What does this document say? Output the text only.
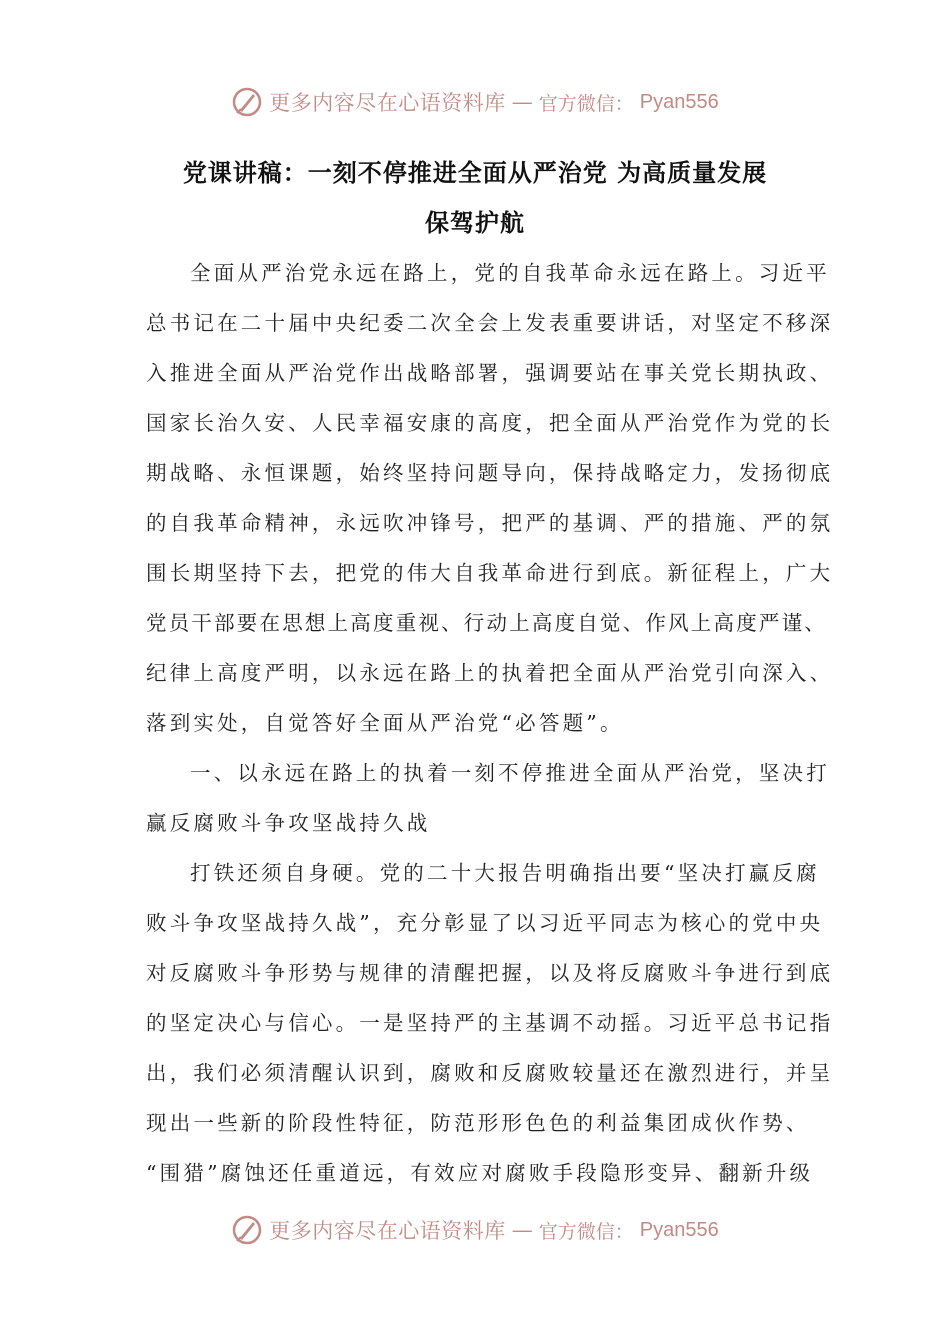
更多内容尽在心语资料库 — 官方微信： Pyan556
党课讲稿：一刻不停推进全面从严治党 为高质量发展
保驾护航
全面从严治党永远在路上，党的自我革命永远在路上。习近平
总书记在二十届中央纪委二次全会上发表重要讲话，对坚定不移深
入推进全面从严治党作出战略部署，强调要站在事关党长期执政、
国家长治久安、人民幸福安康的高度，把全面从严治党作为党的长
期战略、永恒课题，始终坚持问题导向，保持战略定力，发扬彻底
的自我革命精神，永远吹冲锋号，把严的基调、严的措施、严的氛
围长期坚持下去，把党的伟大自我革命进行到底。新征程上，广大
党员干部要在思想上高度重视、行动上高度自觉、作风上高度严谨、
纪律上高度严明，以永远在路上的执着把全面从严治党引向深入、
落到实处，自觉答好全面从严治党“必答题”。
一、以永远在路上的执着一刻不停推进全面从严治党，坚决打
赢反腐败斗争攻坚战持久战
打铁还须自身硬。党的二十大报告明确指出要“坚决打赢反腐
败斗争攻坚战持久战”，充分彰显了以习近平同志为核心的党中央
对反腐败斗争形势与规律的清醒把握，以及将反腐败斗争进行到底
的坚定决心与信心。一是坚持严的主基调不动摇。习近平总书记指
出，我们必须清醒认识到，腐败和反腐败较量还在激烈进行，并呈
现出一些新的阶段性特征，防范形形色色的利益集团成伙作势、
“围猎”腐蚀还任重道远，有效应对腐败手段隐形变异、翻新升级
更多内容尽在心语资料库 — 官方微信： Pyan556
